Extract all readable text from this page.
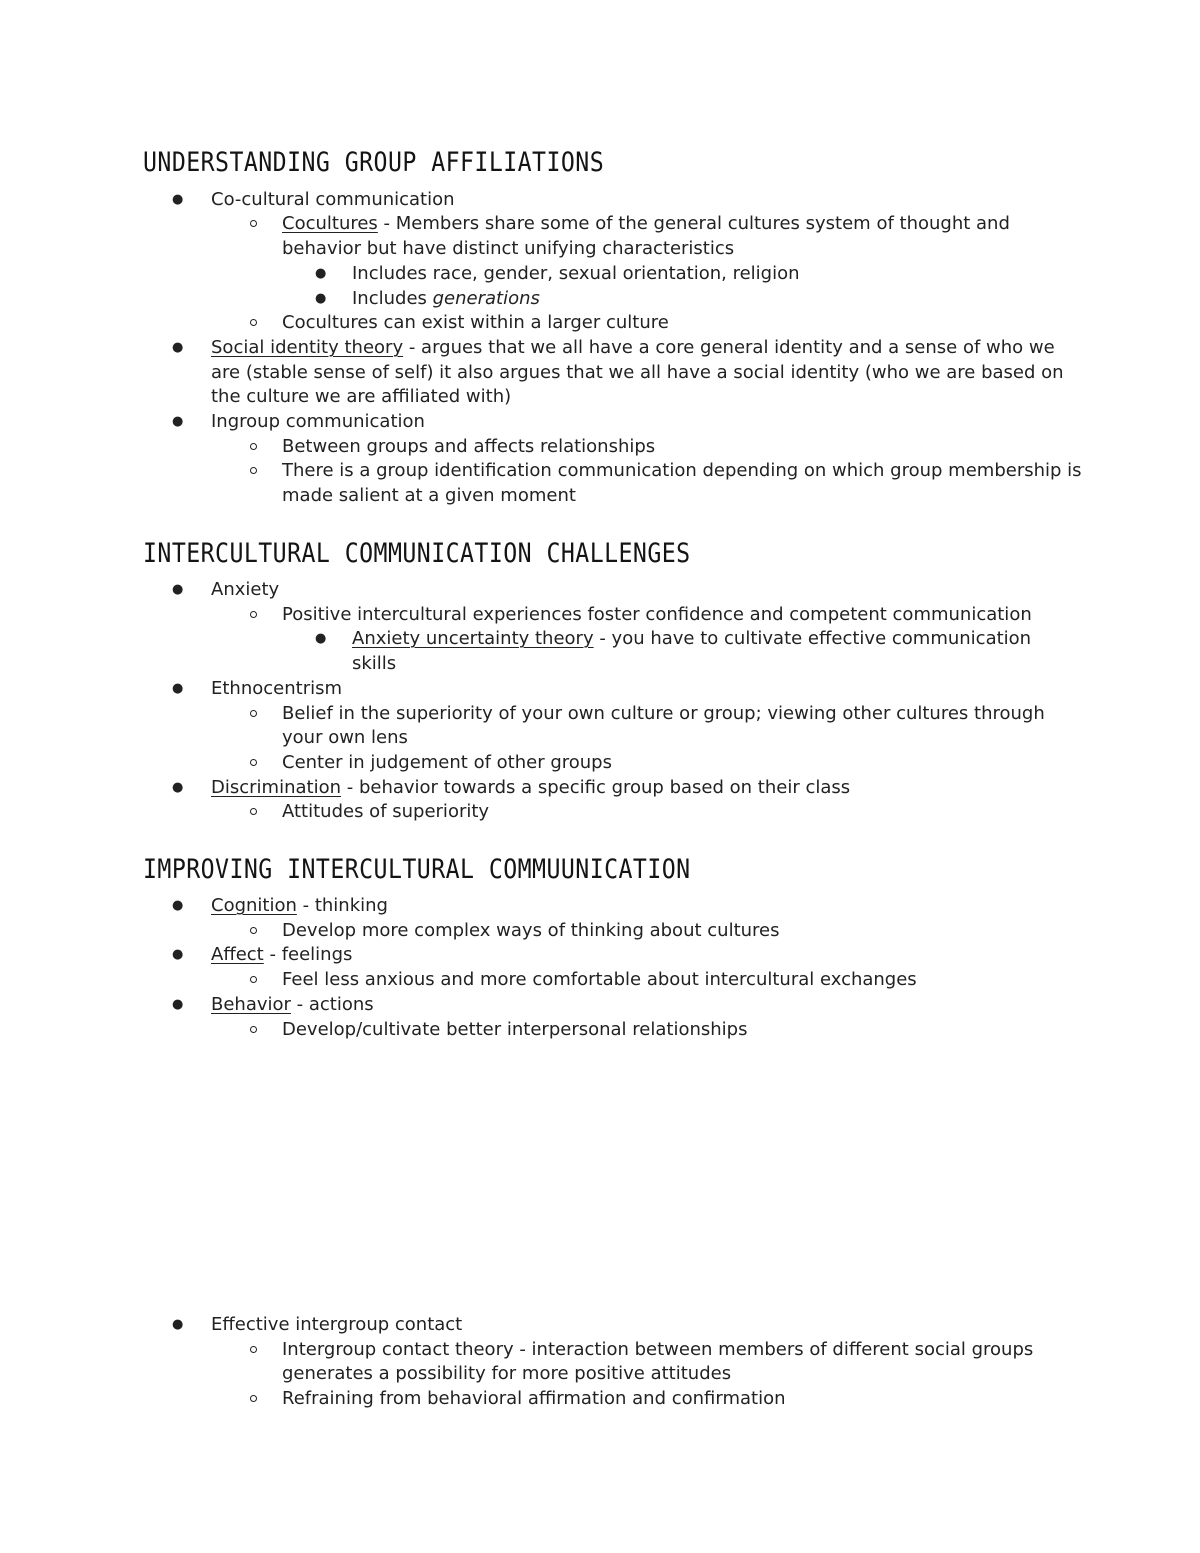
UNDERSTANDING GROUP AFFILIATIONS
● Co-cultural communication
Cocultures - Members share some of the general cultures system of thought and
behavior but have distinct unifying characteristics
● Includes race, gender, sexual orientation, religion
● Includes generations
Cocultures can exist within a larger culture
● Social identity theory - argues that we all have a core general identity and a sense of who we
are (stable sense of self) it also argues that we all have a social identity (who we are based on
the culture we are affiliated with)
● Ingroup communication
Between groups and affects relationships
There is a group identification communication depending on which group membership is
made salient at a given moment
INTERCULTURAL COMMUNICATION CHALLENGES
● Anxiety
Positive intercultural experiences foster confidence and competent communication
● Anxiety uncertainty theory - you have to cultivate effective communication
skills
● Ethnocentrism
Belief in the superiority of your own culture or group; viewing other cultures through
your own lens
Center in judgement of other groups
● Discrimination - behavior towards a specific group based on their class
Attitudes of superiority
IMPROVING INTERCULTURAL COMMUUNICATION
● Cognition - thinking
Develop more complex ways of thinking about cultures
● Affect - feelings
Feel less anxious and more comfortable about intercultural exchanges
● Behavior - actions
Develop/cultivate better interpersonal relationships
● Effective intergroup contact
Intergroup contact theory - interaction between members of different social groups
generates a possibility for more positive attitudes
Refraining from behavioral affirmation and confirmation
